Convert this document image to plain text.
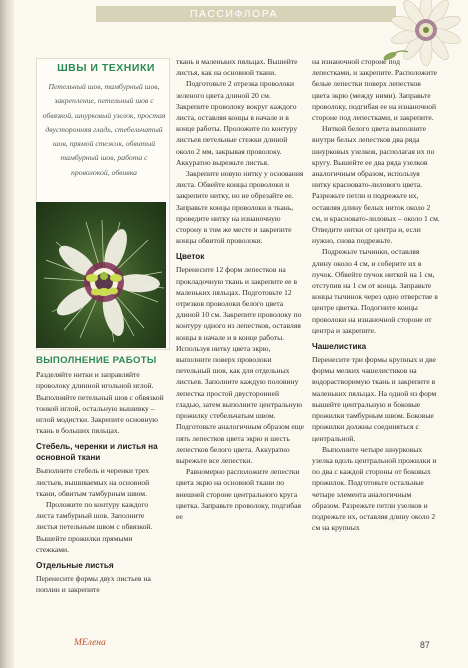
ПАССИФЛОРА
ШВЫ И ТЕХНИКИ
Петельный шов, тамбурный шов, закрепление, петельный шов с обвязкой, шнурковый узелок, простая двусторонняя гладь, стебельчатый шов, прямой стежок, обвитый тамбурный шов, работа с проволокой, обвивка
ВЫПОЛНЕНИЕ РАБОТЫ

Разделяйте нитки и заправляйте проволоку длинной игольной иглой. Выполняйте петельный шов с обвязкой тонкой иглой, остальную вышивку – иглой модистки. Закрепите основную ткань в больших пяльцах.

Стебель, черенки и листья на основной ткани

Выполните стебель и черенки трех листьев, вышиваемых на основной ткани, обвитым тамбурным швом.

Проложите по контуру каждого листа тамбурный шов. Заполните листья петельным швом с обвязкой. Вышейте прожилки прямыми стежками.

Отдельные листья

Перенесите формы двух листьев на поплин и закрепите

ткань в маленьких пяльцах. Вышейте листья, как на основной ткани.

Подготовьте 2 отрезка проволоки зеленого цвета длиной 20 см. Закрепите проволоку вокруг каждого листа, оставляя концы в начале и в конце работы. Проложите по контуру листьев петельные стежки длиной около 2 мм, закрывая проволоку. Аккуратно вырежьте листья.

Закрепите новую нитку у основания листа. Обвейте концы проволоки и закрепите нитку, но не обрезайте ее. Заправьте концы проволоки в ткань, проведите нитку на изнаночную сторону в том же месте и закрепите концы обвитой проволоки.

Цветок

Перенесите 12 форм лепестков на прокладочную ткань и закрепите ее в маленьких пяльцах. Подготовьте 12 отрезков проволоки белого цвета длиной 10 см. Закрепите проволоку по контуру одного из лепестков, оставляя концы в начале и в конце работы. Используя нитку цвета экрю, выполните поверх проволоки петельный шов, как для отдельных листьев. Заполните каждую половину лепестка простой двусторонней гладью, затем выполните центральную прожилку стебельчатым швом. Подготовьте аналогичным образом еще пять лепестков цвета экрю и шесть лепестков белого цвета. Аккуратно вырежьте все лепестки.

Равномерно расположите лепестки цвета экрю на основной ткани по внешней стороне центрального круга цветка. Заправьте проволоку, подгибая ее

на изнаночной стороне под лепестками, и закрепите. Расположите белые лепестки поверх лепестков цвета экрю (между ними). Заправьте проволоку, подгибая ее на изнаночной стороне под лепестками, и закрепите.

Ниткой белого цвета выполните внутри белых лепестков два ряда шнурковых узелков, располагая их по кругу. Вышейте ее два ряда узелков аналогичным образом, используя нитку красновато-лилового цвета. Разрежьте петли и подрежьте их, оставляя длину белых ниток около 2 см, и красновато-лиловых – около 1 см. Отведите нитки от центра и, если нужно, снова подрежьте.

Подрежьте тычинки, оставляя длину около 4 см, и соберите их в пучок. Обвейте пучок ниткой на 1 см, отступив на 1 см от конца. Заправьте концы тычинок через одно отверстие в центре цветка. Подогните концы проволоки на изнаночной стороне от центра и закрепите.

Чашелистика

Перенесите три формы крупных и две формы мелких чашелистиков на водорастворимую ткань и закрепите в маленьких пяльцах. На одной из форм вышейте центральную и боковые прожилки тамбурным швом. Боковые прожилки должны соединяться с центральной.

Выполните четыре шнурковых узелка вдоль центральной прожилки и по два с каждой стороны от боковых прожилок. Подготовьте остальные четыре элемента аналогичным образом. Разрежьте петли узелков и подрежьте их, оставляя длину около 2 см на крупных

МЕлена	87
